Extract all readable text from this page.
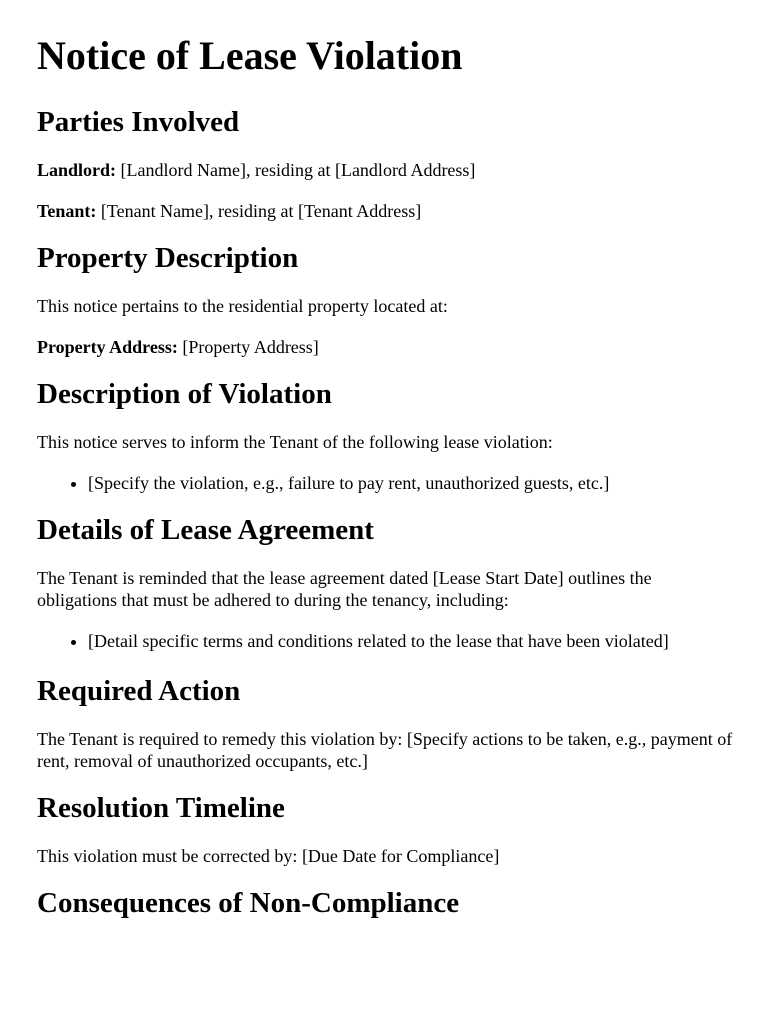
Notice of Lease Violation
Parties Involved

Landlord: [Landlord Name], residing at [Landlord Address]

Tenant: [Tenant Name], residing at [Tenant Address]

Property Description

This notice pertains to the residential property located at:

Property Address: [Property Address]

Description of Violation

This notice serves to inform the Tenant of the following lease violation:

• [Specify the violation, e.g., failure to pay rent, unauthorized guests, etc.]
Details of Lease Agreement

The Tenant is reminded that the lease agreement dated [Lease Start Date] outlines the obligations that must be adhered to during the tenancy, including:

• [Detail specific terms and conditions related to the lease that have been violated]
Required Action

The Tenant is required to remedy this violation by: [Specify actions to be taken, e.g., payment of rent, removal of unauthorized occupants, etc.]

Resolution Timeline

This violation must be corrected by: [Due Date for Compliance]

Consequences of Non-Compliance
